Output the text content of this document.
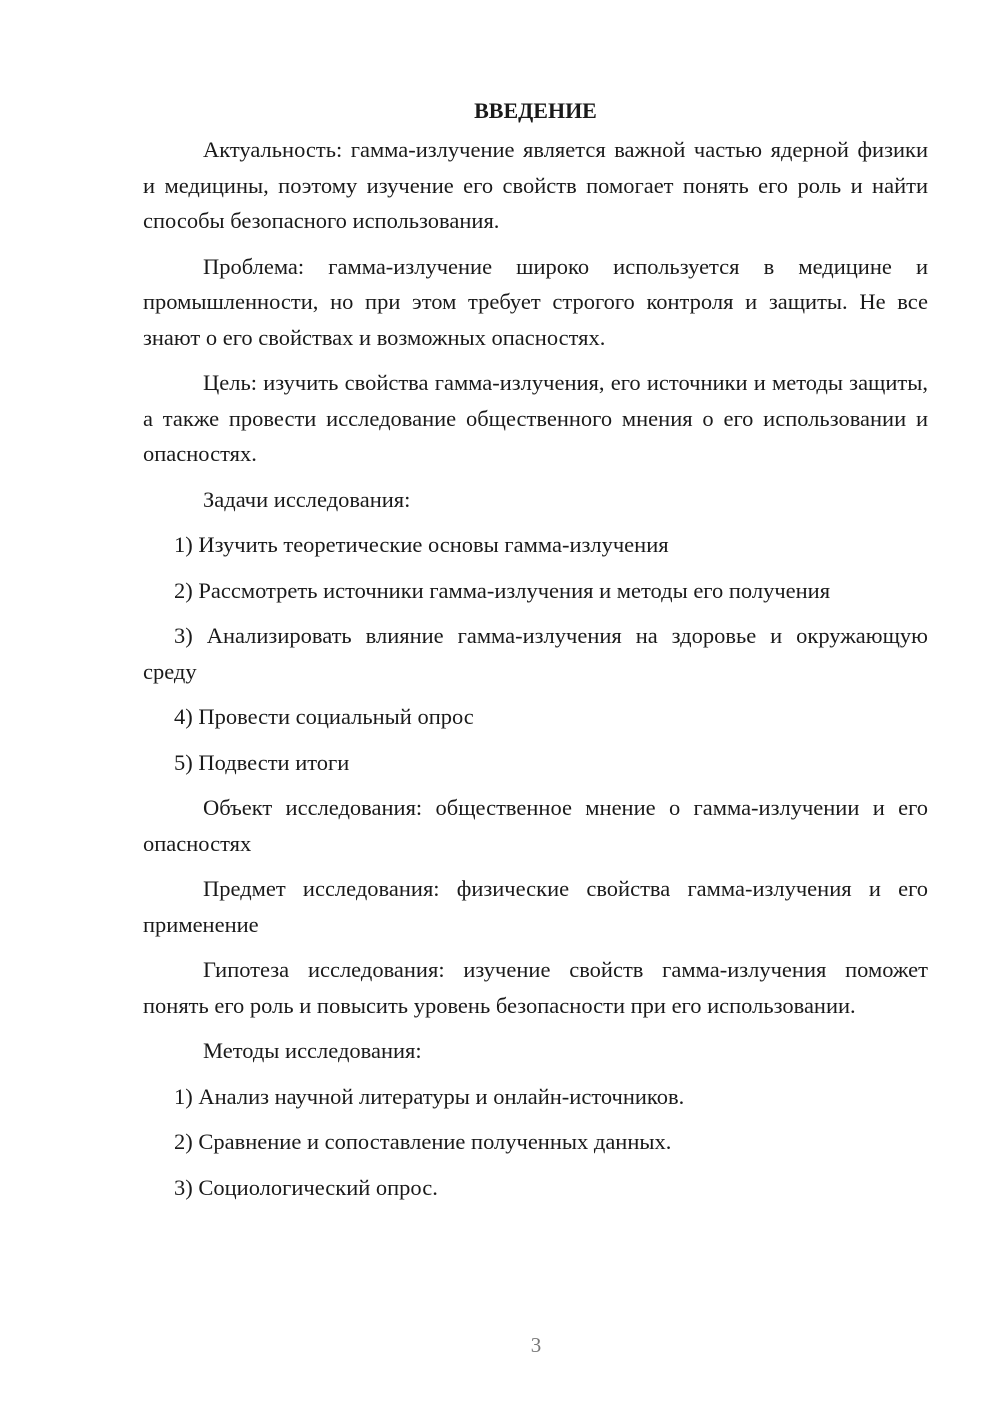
ВВЕДЕНИЕ

Актуальность: гамма-излучение является важной частью ядерной физики и медицины, поэтому изучение его свойств помогает понять его роль и найти способы безопасного использования.

Проблема: гамма-излучение широко используется в медицине и промышленности, но при этом требует строгого контроля и защиты. Не все знают о его свойствах и возможных опасностях.

Цель: изучить свойства гамма-излучения, его источники и методы защиты, а также провести исследование общественного мнения о его использовании и опасностях.

Задачи исследования:

1) Изучить теоретические основы гамма-излучения

2) Рассмотреть источники гамма-излучения и методы его получения

3) Анализировать влияние гамма-излучения на здоровье и окружающую среду

4) Провести социальный опрос

5) Подвести итоги

Объект исследования: общественное мнение о гамма-излучении и его опасностях

Предмет исследования: физические свойства гамма-излучения и его применение

Гипотеза исследования: изучение свойств гамма-излучения поможет понять его роль и повысить уровень безопасности при его использовании.

Методы исследования:

1) Анализ научной литературы и онлайн-источников.

2) Сравнение и сопоставление полученных данных.

3) Социологический опрос.

3
